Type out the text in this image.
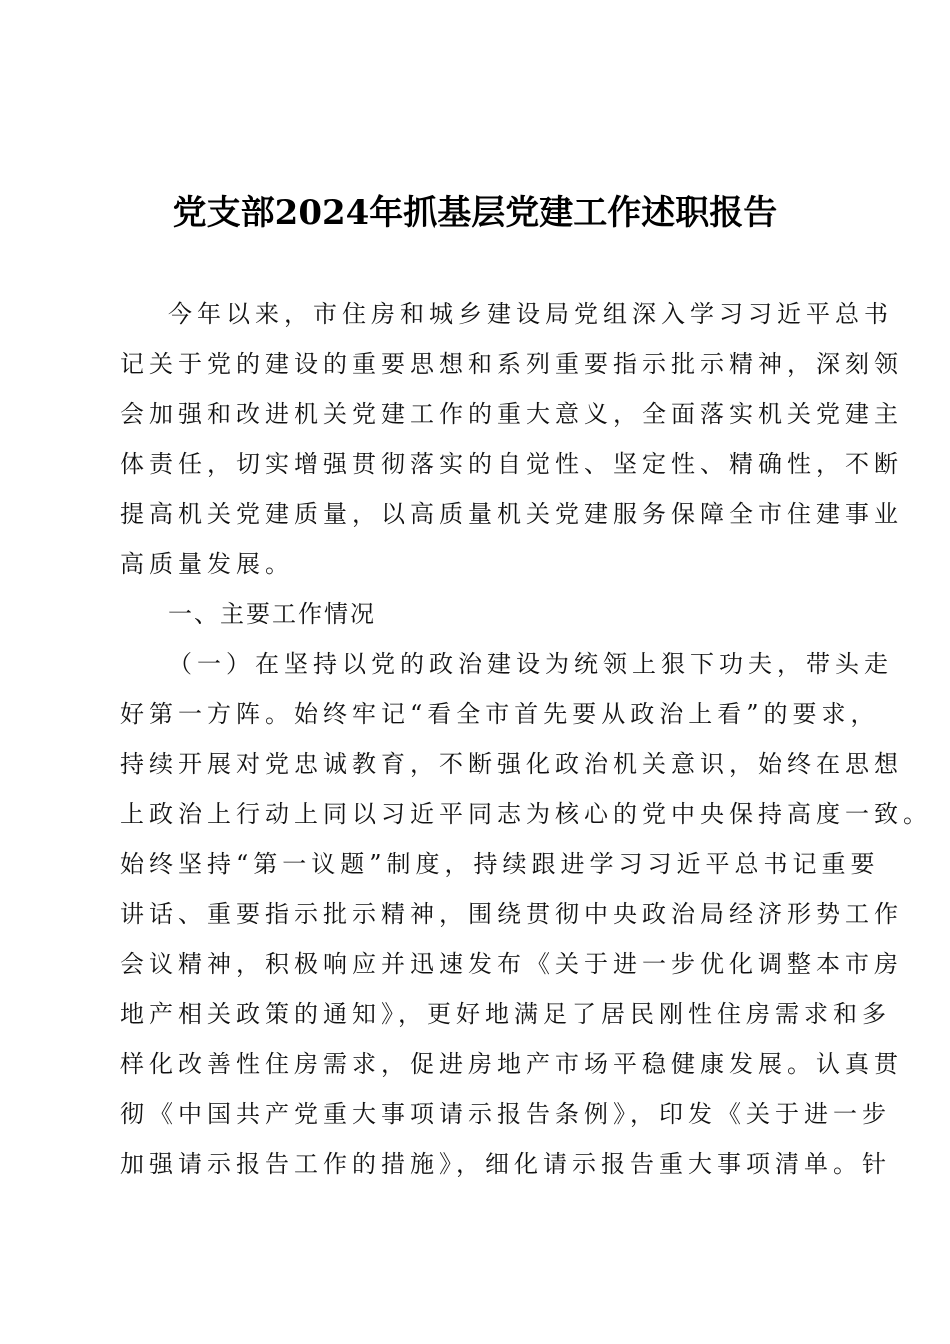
党支部2024年抓基层党建工作述职报告
今年以来，市住房和城乡建设局党组深入学习习近平总书
记关于党的建设的重要思想和系列重要指示批示精神，深刻领
会加强和改进机关党建工作的重大意义，全面落实机关党建主
体责任，切实增强贯彻落实的自觉性、坚定性、精确性，不断
提高机关党建质量，以高质量机关党建服务保障全市住建事业
高质量发展。
一、主要工作情况
（一）在坚持以党的政治建设为统领上狠下功夫，带头走
好第一方阵。始终牢记“看全市首先要从政治上看”的要求，
持续开展对党忠诚教育，不断强化政治机关意识，始终在思想
上政治上行动上同以习近平同志为核心的党中央保持高度一致。
始终坚持“第一议题”制度，持续跟进学习习近平总书记重要
讲话、重要指示批示精神，围绕贯彻中央政治局经济形势工作
会议精神，积极响应并迅速发布《关于进一步优化调整本市房
地产相关政策的通知》，更好地满足了居民刚性住房需求和多
样化改善性住房需求，促进房地产市场平稳健康发展。认真贯
彻《中国共产党重大事项请示报告条例》，印发《关于进一步
加强请示报告工作的措施》，细化请示报告重大事项清单。针
